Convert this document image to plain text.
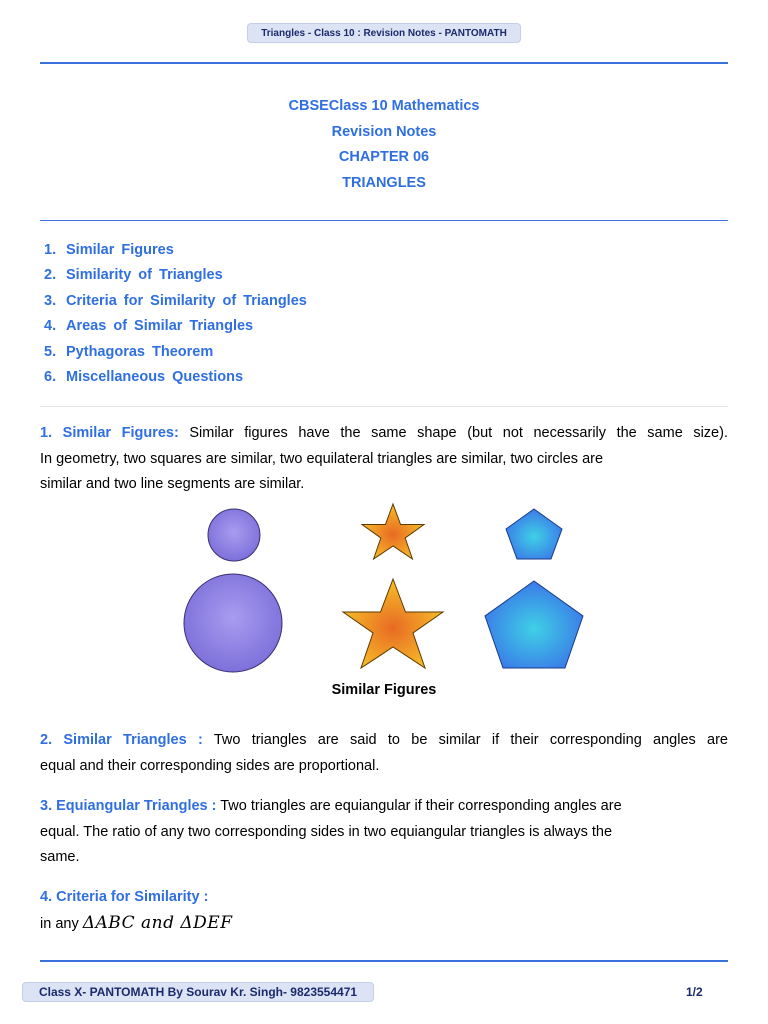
Triangles - Class 10 : Revision Notes - PANTOMATH
CBSEClass 10 Mathematics
Revision Notes
CHAPTER 06
TRIANGLES
1. Similar Figures
2. Similarity of Triangles
3. Criteria for Similarity of Triangles
4. Areas of Similar Triangles
5. Pythagoras Theorem
6. Miscellaneous Questions
1. Similar Figures: Similar figures have the same shape (but not necessarily the same size).
In geometry, two squares are similar, two equilateral triangles are similar, two circles are
similar and two line segments are similar.
Similar Figures
2. Similar Triangles : Two triangles are said to be similar if their corresponding angles are
equal and their corresponding sides are proportional.
3. Equiangular Triangles : Two triangles are equiangular if their corresponding angles are
equal. The ratio of any two corresponding sides in two equiangular triangles is always the
same.
4. Criteria for Similarity :
in any ΔABC and ΔDEF
Class X- PANTOMATH By Sourav Kr. Singh- 9823554471	1/2
